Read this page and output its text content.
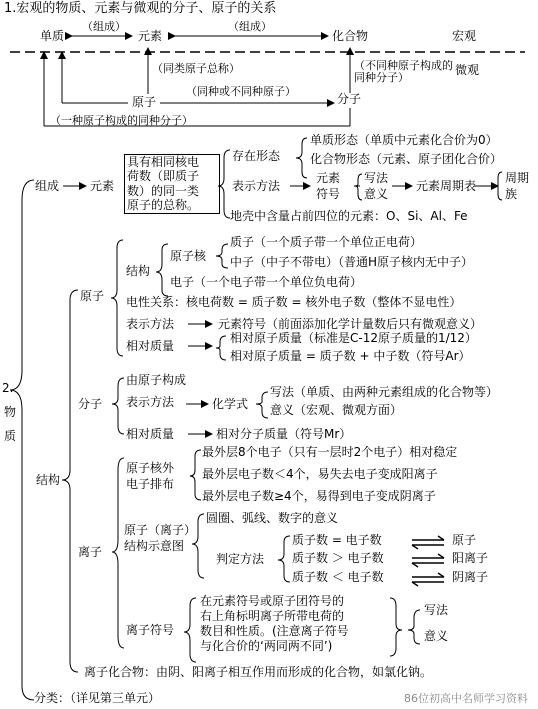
1.宏观的物质、元素与微观的分子、原子的关系
单质
（组成）
元素
（组成）
化合物	宏观
微观
（同类原子总称）	（不同种原子构成的同种分子）
原子
（同种或不同种原子）
分子
（一种原子构成的同种分子）
2.
物
质
组成	元素
具有相同核电
荷数（即质子
数）的同一类
原子的总称。
存在形态
单质形态（单质中元素化合价为0）
化合物形态（元素、原子团化合价）
表示方法
元素
符号
写法
意义
元素周期表
周期
族
地壳中含量占前四位的元素：O、Si、Al、Fe
结构
原子
结构
原子核
质子（一个质子带一个单位正电荷）
中子（中子不带电）（普通H原子核内无中子）
电子（一个电子带一个单位负电荷）
电性关系：核电荷数 = 质子数 = 核外电子数（整体不显电性）
表示方法	元素符号（前面添加化学计量数后只有微观意义）
相对质量
相对原子质量（标准是C-12原子质量的1/12）
相对原子质量 = 质子数 + 中子数（符号Ar）
分子
由原子构成
表示方法	化学式
写法（单质、由两种元素组成的化合物等）
意义（宏观、微观方面）
相对质量	相对分子质量（符号Mr）
离子
原子核外
电子排布
最外层8个电子（只有一层时2个电子）相对稳定
最外层电子数＜4个，易失去电子变成阳离子
最外层电子数≥4个，易得到电子变成阴离子
原子（离子）
结构示意图
圆圈、弧线、数字的意义
判定方法
质子数 = 电子数
质子数 ＞ 电子数
质子数 ＜ 电子数
原子
阳离子
阴离子
离子符号
在元素符号或原子团符号的
右上角标明离子所带电荷的
数目和性质。(注意离子符号
与化合价的‘两同两不同’)
写法
意义
离子化合物：由阴、阳离子相互作用而形成的化合物，如氯化钠。
分类：（详见第三单元）	86位初高中名师学习资料
